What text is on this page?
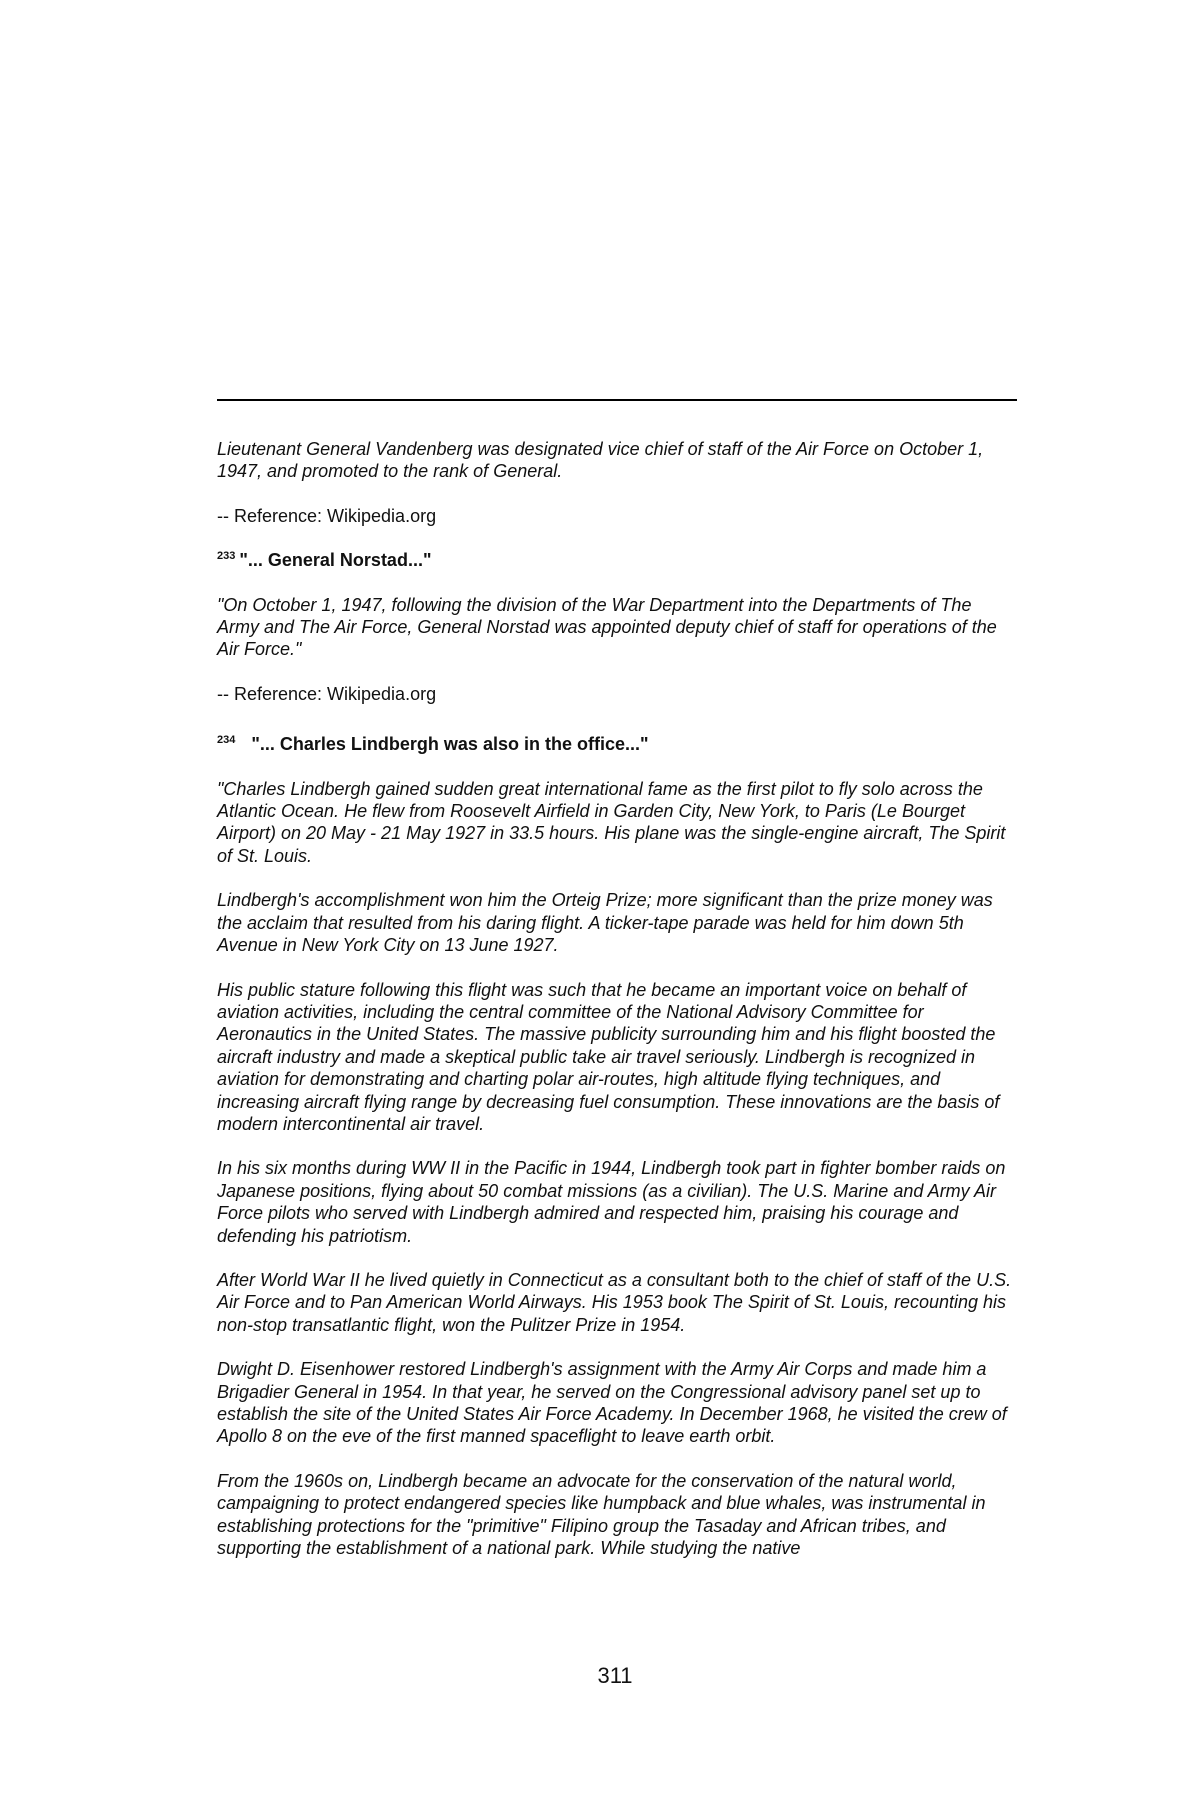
Lieutenant General Vandenberg was designated vice chief of staff of the Air Force on October 1, 1947, and promoted to the rank of General.

-- Reference: Wikipedia.org

$^{233}$ "... General Norstad..."

"On October 1, 1947, following the division of the War Department into the Departments of The Army and The Air Force, General Norstad was appointed deputy chief of staff for operations of the Air Force."

-- Reference: Wikipedia.org

$^{234}$ "... Charles Lindbergh was also in the office..."

"Charles Lindbergh gained sudden great international fame as the first pilot to fly solo across the Atlantic Ocean. He flew from Roosevelt Airfield in Garden City, New York, to Paris (Le Bourget Airport) on 20 May - 21 May 1927 in 33.5 hours. His plane was the single-engine aircraft, The Spirit of St. Louis.

Lindbergh's accomplishment won him the Orteig Prize; more significant than the prize money was the acclaim that resulted from his daring flight. A ticker-tape parade was held for him down 5th Avenue in New York City on 13 June 1927.

His public stature following this flight was such that he became an important voice on behalf of aviation activities, including the central committee of the National Advisory Committee for Aeronautics in the United States. The massive publicity surrounding him and his flight boosted the aircraft industry and made a skeptical public take air travel seriously. Lindbergh is recognized in aviation for demonstrating and charting polar air-routes, high altitude flying techniques, and increasing aircraft flying range by decreasing fuel consumption. These innovations are the basis of modern intercontinental air travel.

In his six months during WW II in the Pacific in 1944, Lindbergh took part in fighter bomber raids on Japanese positions, flying about 50 combat missions (as a civilian). The U.S. Marine and Army Air Force pilots who served with Lindbergh admired and respected him, praising his courage and defending his patriotism.

After World War II he lived quietly in Connecticut as a consultant both to the chief of staff of the U.S. Air Force and to Pan American World Airways. His 1953 book The Spirit of St. Louis, recounting his non-stop transatlantic flight, won the Pulitzer Prize in 1954.

Dwight D. Eisenhower restored Lindbergh's assignment with the Army Air Corps and made him a Brigadier General in 1954. In that year, he served on the Congressional advisory panel set up to establish the site of the United States Air Force Academy. In December 1968, he visited the crew of Apollo 8 on the eve of the first manned spaceflight to leave earth orbit.

From the 1960s on, Lindbergh became an advocate for the conservation of the natural world, campaigning to protect endangered species like humpback and blue whales, was instrumental in establishing protections for the "primitive" Filipino group the Tasaday and African tribes, and supporting the establishment of a national park. While studying the native

311
